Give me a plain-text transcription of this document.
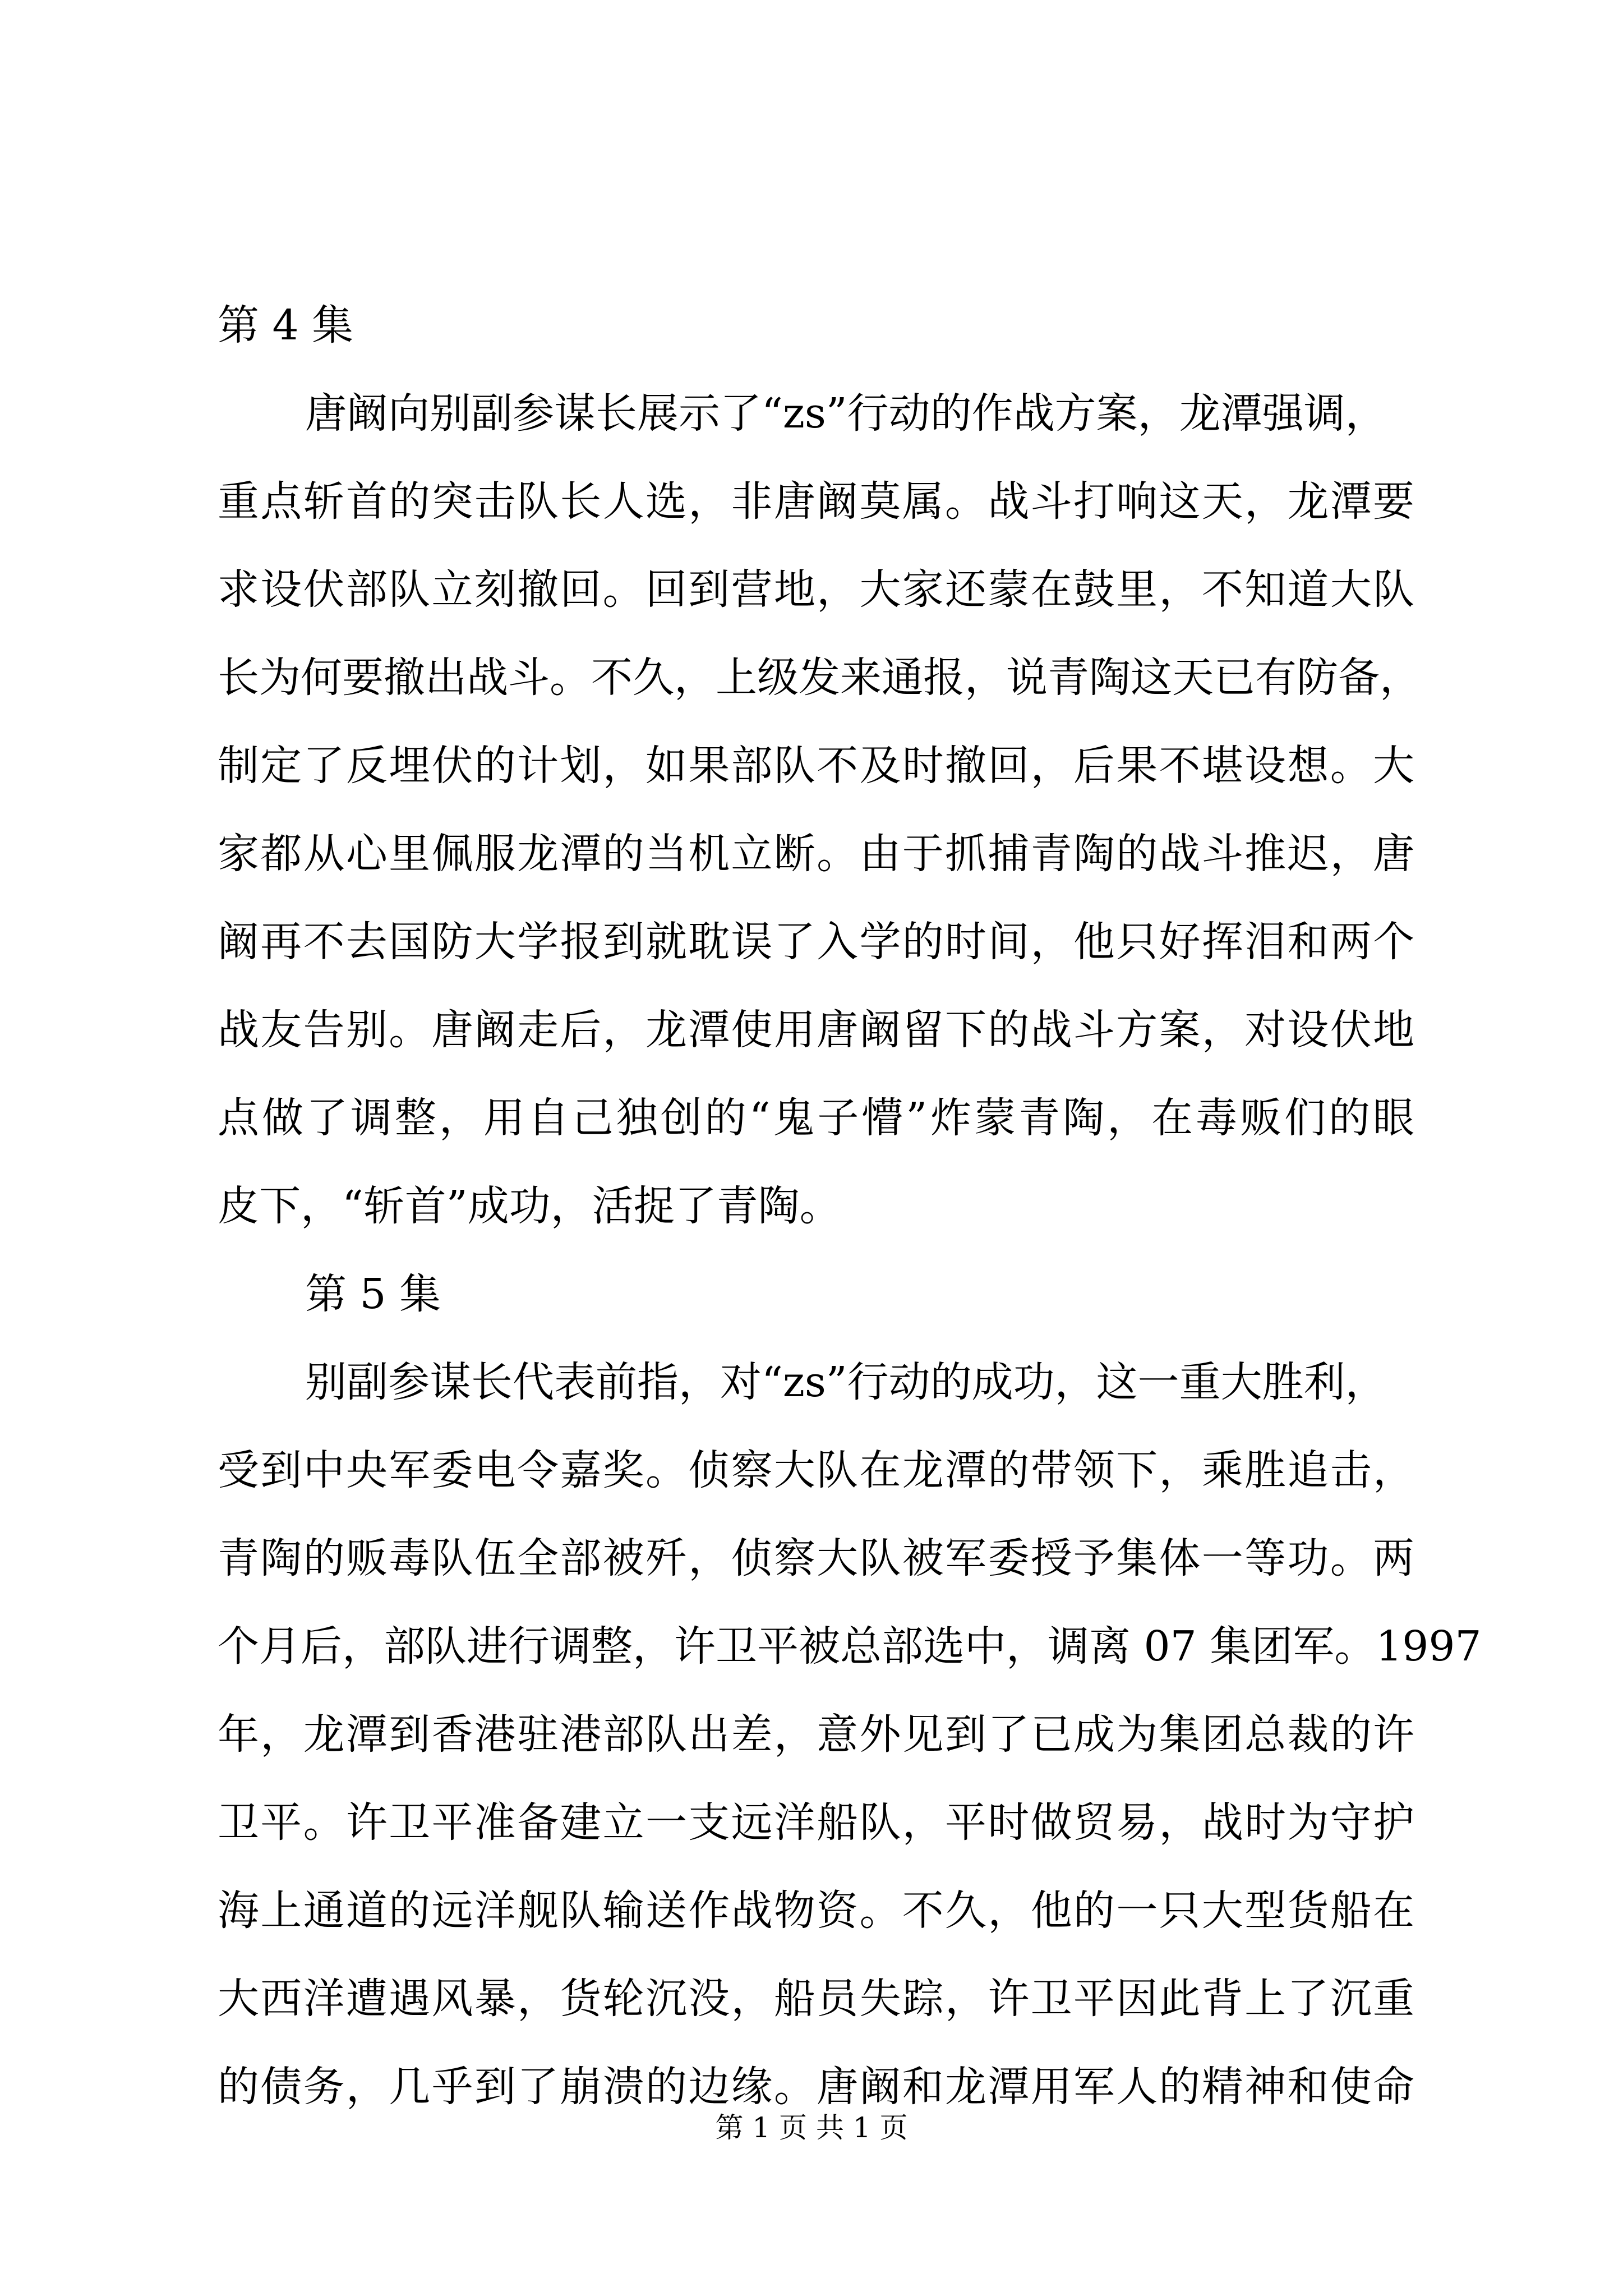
第 4 集
唐阚向别副参谋长展示了“zs”行动的作战方案，龙潭强调，
重点斩首的突击队长人选，非唐阚莫属。战斗打响这天，龙潭要
求设伏部队立刻撤回。回到营地，大家还蒙在鼓里，不知道大队
长为何要撤出战斗。不久，上级发来通报，说青陶这天已有防备，
制定了反埋伏的计划，如果部队不及时撤回，后果不堪设想。大
家都从心里佩服龙潭的当机立断。由于抓捕青陶的战斗推迟，唐
阚再不去国防大学报到就耽误了入学的时间，他只好挥泪和两个
战友告别。唐阚走后，龙潭使用唐阚留下的战斗方案，对设伏地
点做了调整，用自己独创的“鬼子懵”炸蒙青陶，在毒贩们的眼
皮下，“斩首”成功，活捉了青陶。
第 5 集
别副参谋长代表前指，对“zs”行动的成功，这一重大胜利，
受到中央军委电令嘉奖。侦察大队在龙潭的带领下，乘胜追击，
青陶的贩毒队伍全部被歼，侦察大队被军委授予集体一等功。两
个月后，部队进行调整，许卫平被总部选中，调离 07 集团军。1997
年，龙潭到香港驻港部队出差，意外见到了已成为集团总裁的许
卫平。许卫平准备建立一支远洋船队，平时做贸易，战时为守护
海上通道的远洋舰队输送作战物资。不久，他的一只大型货船在
大西洋遭遇风暴，货轮沉没，船员失踪，许卫平因此背上了沉重
的债务，几乎到了崩溃的边缘。唐阚和龙潭用军人的精神和使命
第 1 页 共 1 页
